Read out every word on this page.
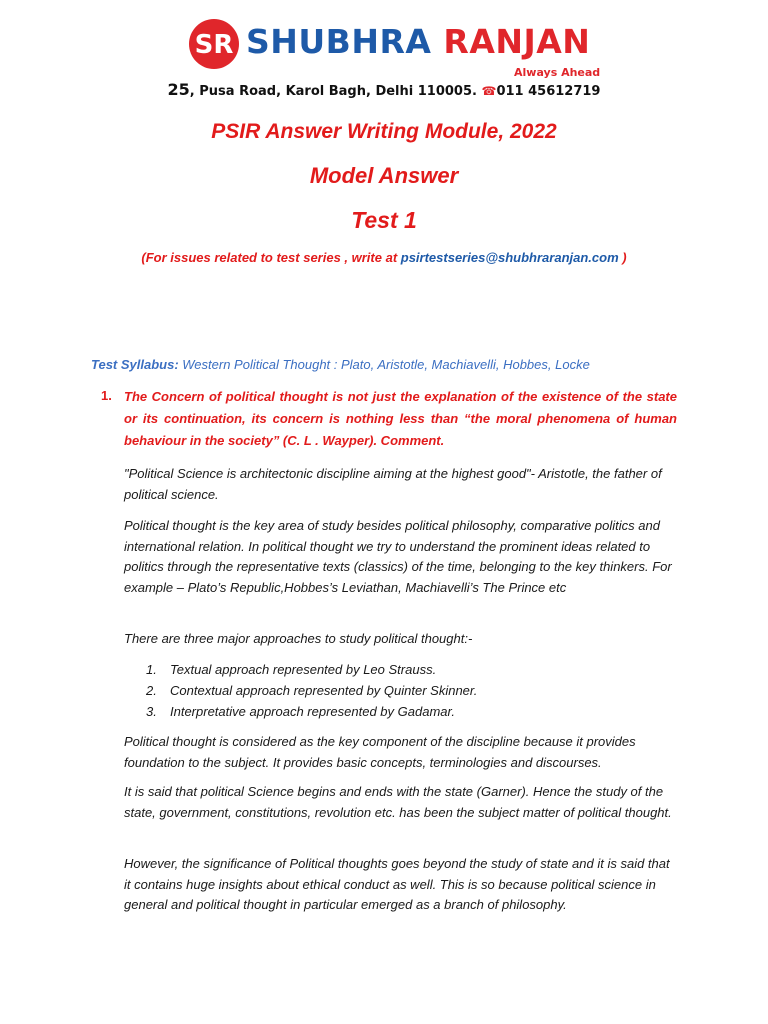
SR SHUBHRA RANJAN
Always Ahead
25, Pusa Road, Karol Bagh, Delhi 110005. ☎011 45612719
PSIR Answer Writing Module, 2022
Model Answer
Test 1
(For issues related to test series , write at psirtestseries@shubhraranjan.com )
Test Syllabus: Western Political Thought : Plato, Aristotle, Machiavelli, Hobbes, Locke
1. The Concern of political thought is not just the explanation of the existence of the state or its continuation, its concern is nothing less than “the moral phenomena of human behaviour in the society” (C. L . Wayper). Comment.

"Political Science is architectonic discipline aiming at the highest good"- Aristotle, the father of political science.

Political thought is the key area of study besides political philosophy, comparative politics and international relation. In political thought we try to understand the prominent ideas related to politics through the representative texts (classics) of the time, belonging to the key thinkers. For example – Plato’s Republic,Hobbes’s Leviathan, Machiavelli’s The Prince etc

There are three major approaches to study political thought:-

1. Textual approach represented by Leo Strauss.
2. Contextual approach represented by Quinter Skinner.
3. Interpretative approach represented by Gadamar.

Political thought is considered as the key component of the discipline because it provides foundation to the subject. It provides basic concepts, terminologies and discourses.

It is said that political Science begins and ends with the state (Garner). Hence the study of the state, government, constitutions, revolution etc. has been the subject matter of political thought.

However, the significance of Political thoughts goes beyond the study of state and it is said that it contains huge insights about ethical conduct as well. This is so because political science in general and political thought in particular emerged as a branch of philosophy.
